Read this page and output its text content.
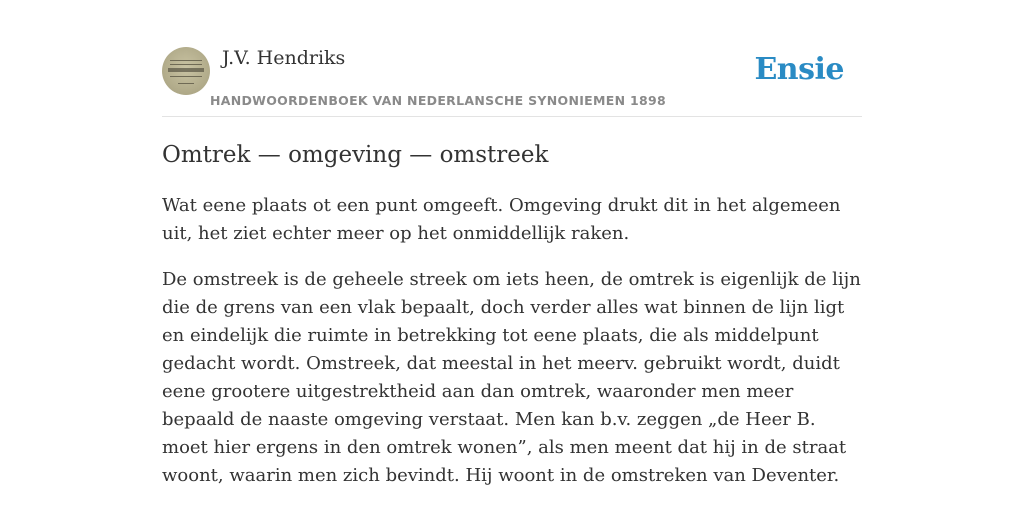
J.V. Hendriks
HANDWOORDENBOEK VAN NEDERLANSCHE SYNONIEMEN 1898
Ensie
Omtrek — omgeving — omstreek

Wat eene plaats ot een punt omgeeft. Omgeving drukt dit in het algemeen uit, het ziet echter meer op het onmiddellijk raken.

De omstreek is de geheele streek om iets heen, de omtrek is eigenlijk de lijn die de grens van een vlak bepaalt, doch verder alles wat binnen de lijn ligt en eindelijk die ruimte in betrekking tot eene plaats, die als middelpunt gedacht wordt. Omstreek, dat meestal in het meerv. gebruikt wordt, duidt eene grootere uitgestrektheid aan dan omtrek, waaronder men meer bepaald de naaste omgeving verstaat. Men kan b.v. zeggen „de Heer B. moet hier ergens in den omtrek wonen”, als men meent dat hij in de straat woont, waarin men zich bevindt. Hij woont in de omstreken van Deventer.
